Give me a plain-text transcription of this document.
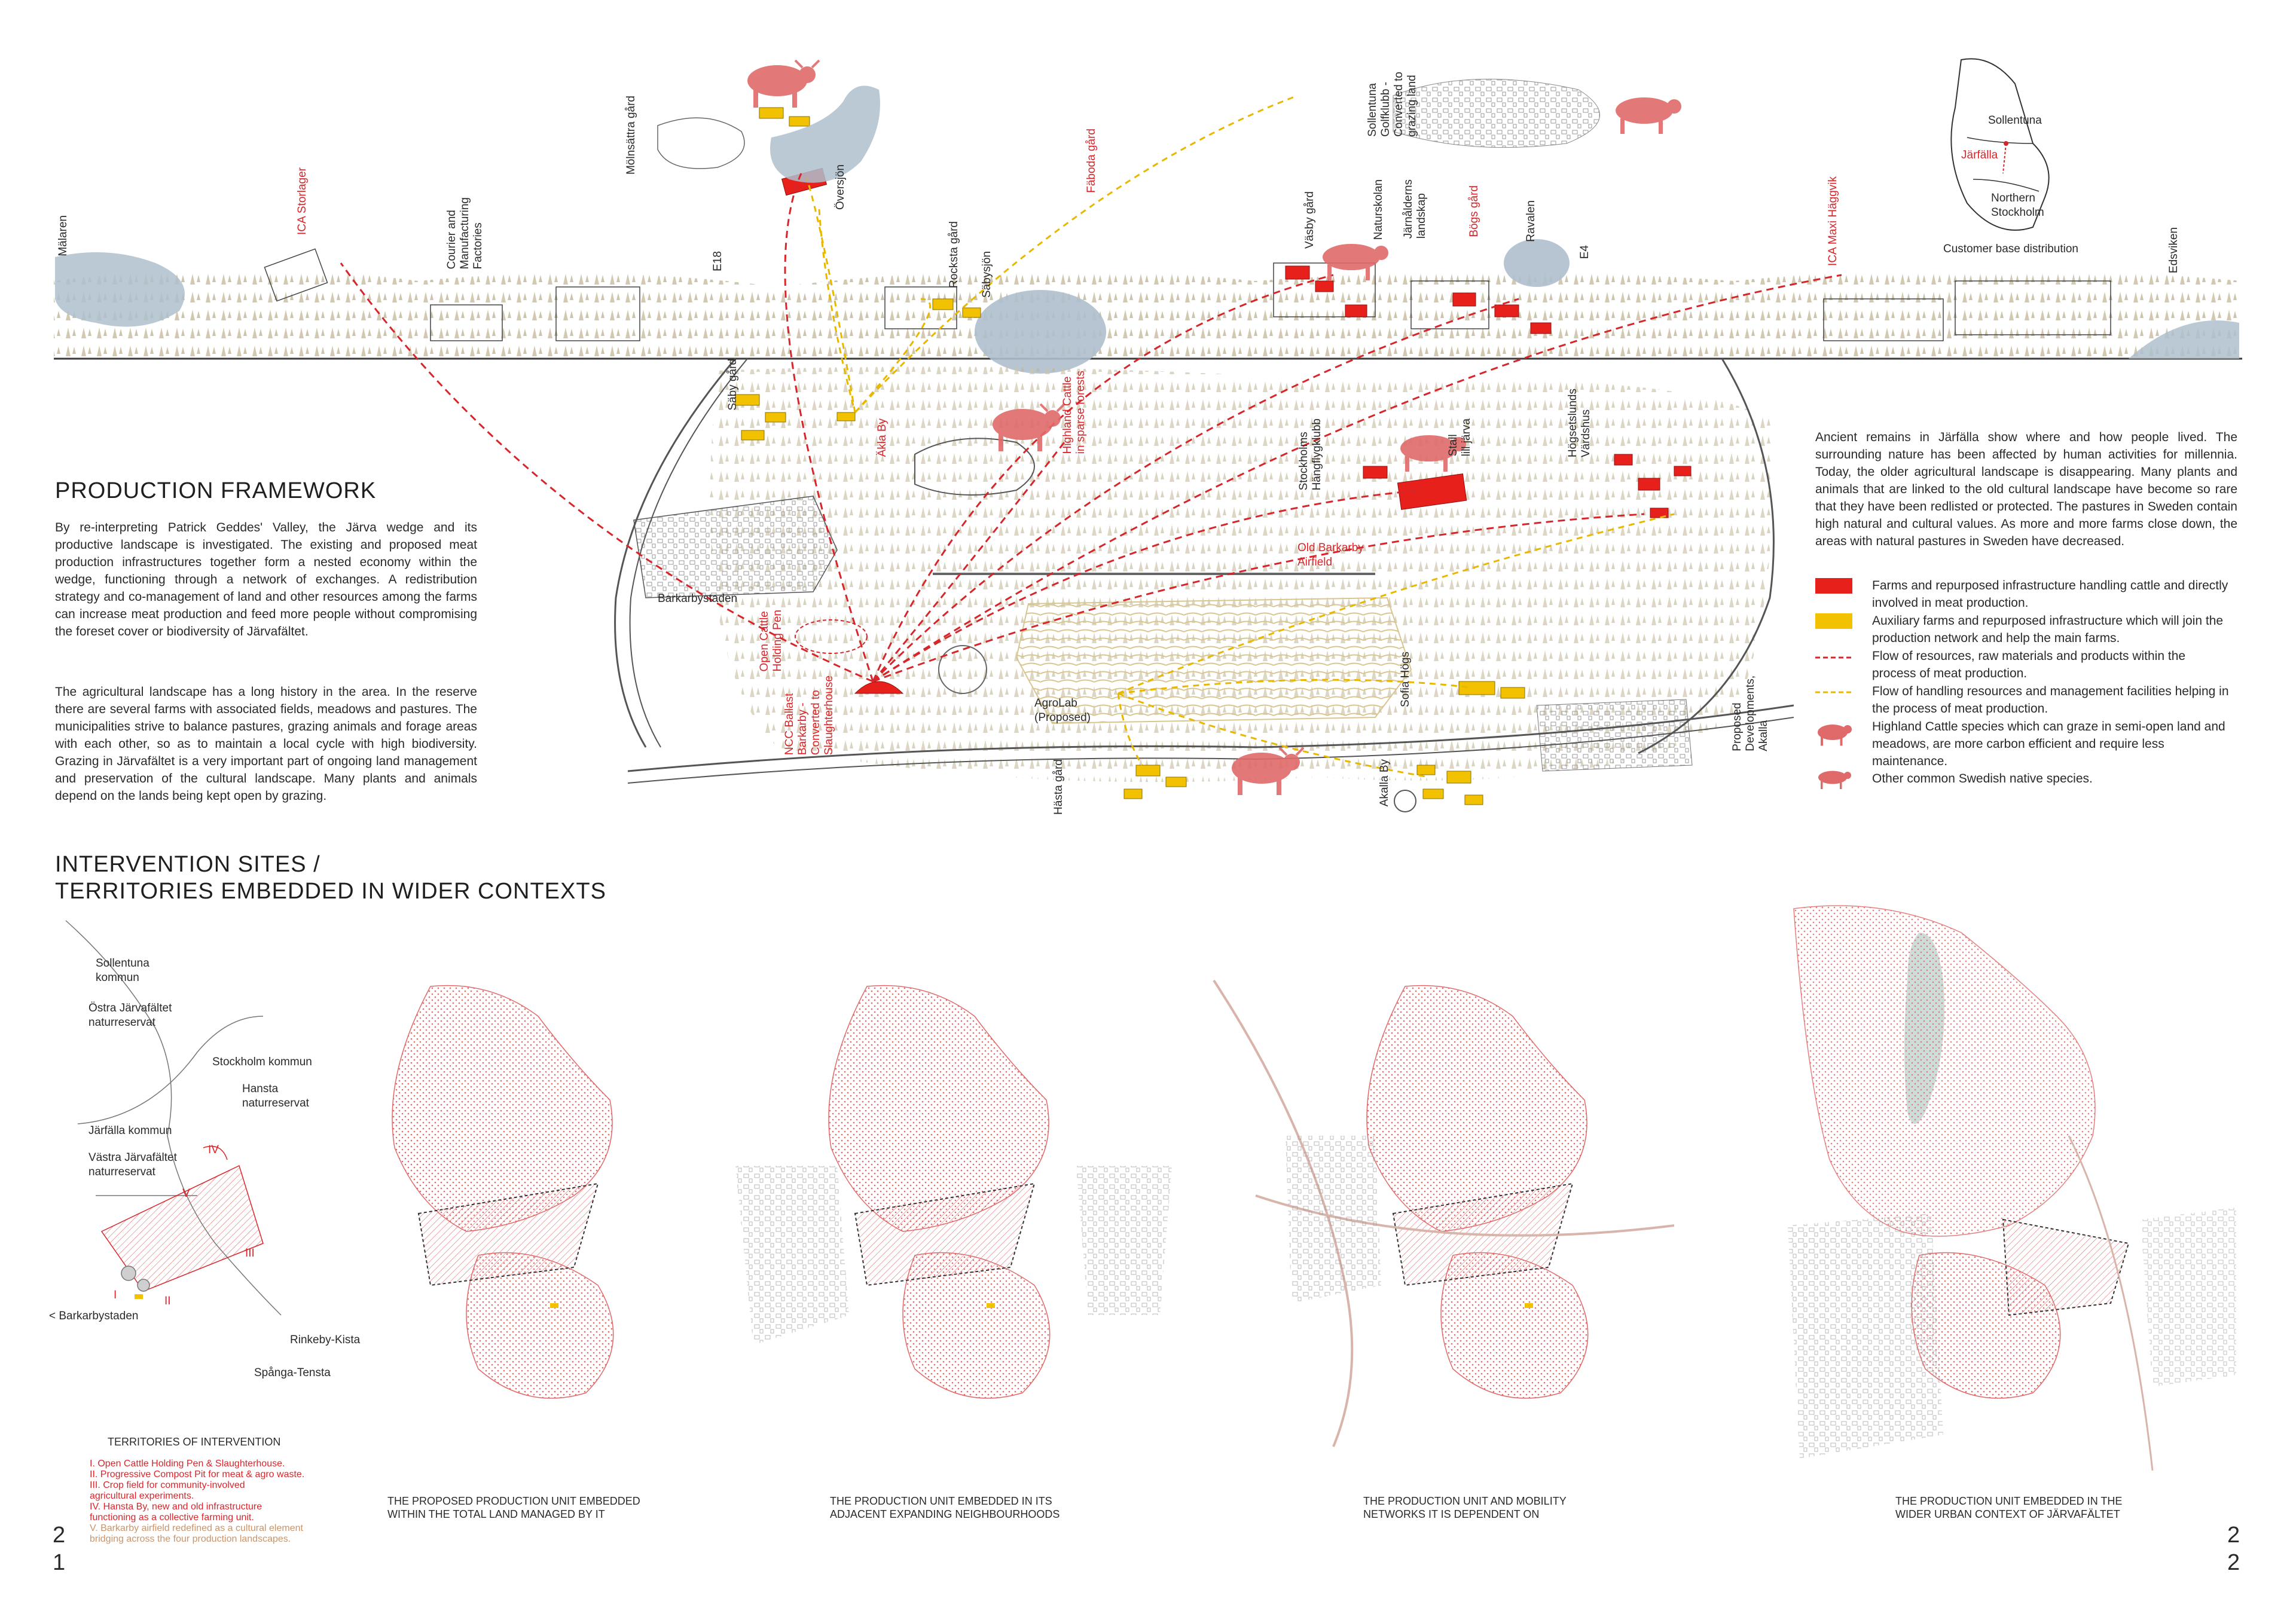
PRODUCTION FRAMEWORK
By re-interpreting Patrick Geddes' Valley, the Järva wedge and its productive landscape is investigated. The existing and proposed meat production infrastructures together form a nested economy within the wedge, functioning through a network of exchanges. A redistribution strategy and co-management of land and other resources among the farms can increase meat production and feed more people without compromising the foreset cover or biodiversity of Järvafältet.
The agricultural landscape has a long history in the area. In the reserve there are several farms with associated fields, meadows and pastures. The municipalities strive to balance pastures, grazing animals and forage areas with each other, so as to maintain a local cycle with high biodiversity. Grazing in Järvafältet is a very important part of ongoing land management and preservation of the cultural landscape. Many plants and animals depend on the lands being kept open by grazing.
Ancient remains in Järfälla show where and how people lived. The surrounding nature has been affected by human activities for millennia. Today, the older agricultural landscape is disappearing. Many plants and animals that are linked to the old cultural landscape have become so rare that they have been redlisted or protected. The pastures in Sweden contain high natural and cultural values. As more and more farms close down, the areas with natural pastures in Sweden have decreased.
Farms and repurposed infrastructure handling cattle and directly involved in meat production.
Auxiliary farms and repurposed infrastructure which will join the production network and help the main farms.
Flow of resources, raw materials and products within the process of meat production.
Flow of handling resources and management facilities helping in the process of meat production.
Highland Cattle species which can graze in semi-open land and meadows, are more carbon efficient and require less maintenance.
Other common Swedish native species.
Sollentuna
Järfälla
Northern
Stockholm
Customer base distribution
Mälaren
ICA Storlager
Courier and
Manufacturing
Factories	E18
Mölnsättra gård
Översjön
Rocksta gård Säbysjön
Fäboda gård
Sollentuna
Golfklubb -
Converted to
grazing land
Väsby gård	Naturskolan Järnålderns
landskap	Bögs gård	Ravalen
E4	ICA Maxi Häggvik	Edsviken
Säby gård
Äkla By	Highland Cattle
in sparse forests
Stockholms
Hängflygklubb	Stall
lill järva	Högsetslunds
Värdshus
Barkarbystaden
Open Cattle
Holding Pen
NCC Ballast
Barkarby -
Converted to
Slaughterhouse
Old Barkarby
Airfield
AgroLab
(Proposed)
Sofia Högs
Proposed
Developments,
Akalla
Hästa gård	Akalla By
INTERVENTION SITES /
TERRITORIES EMBEDDED IN WIDER CONTEXTS
Sollentuna
kommun
Östra Järvafältet
naturreservat
Stockholm kommun
Hansta
naturreservat
Järfälla kommun
Västra Järvafältet
naturreservat
IV
V
III
I	II
< Barkarbystaden
Rinkeby-Kista
Spånga-Tensta
TERRITORIES OF INTERVENTION
I. Open Cattle Holding Pen & Slaughterhouse.
II. Progressive Compost Pit for meat & agro waste.
III. Crop field for community-involved
agricultural experiments.
IV. Hansta By, new and old infrastructure
functioning as a collective farming unit.
V. Barkarby airfield redefined as a cultural element
bridging across the four production landscapes.
THE PROPOSED PRODUCTION UNIT EMBEDDED
WITHIN THE TOTAL LAND MANAGED BY IT
THE PRODUCTION UNIT EMBEDDED IN ITS
ADJACENT EXPANDING NEIGHBOURHOODS
THE PRODUCTION UNIT AND MOBILITY
NETWORKS IT IS DEPENDENT ON
THE PRODUCTION UNIT EMBEDDED IN THE
WIDER URBAN CONTEXT OF JÄRVAFÄLTET
2
1
2
2
